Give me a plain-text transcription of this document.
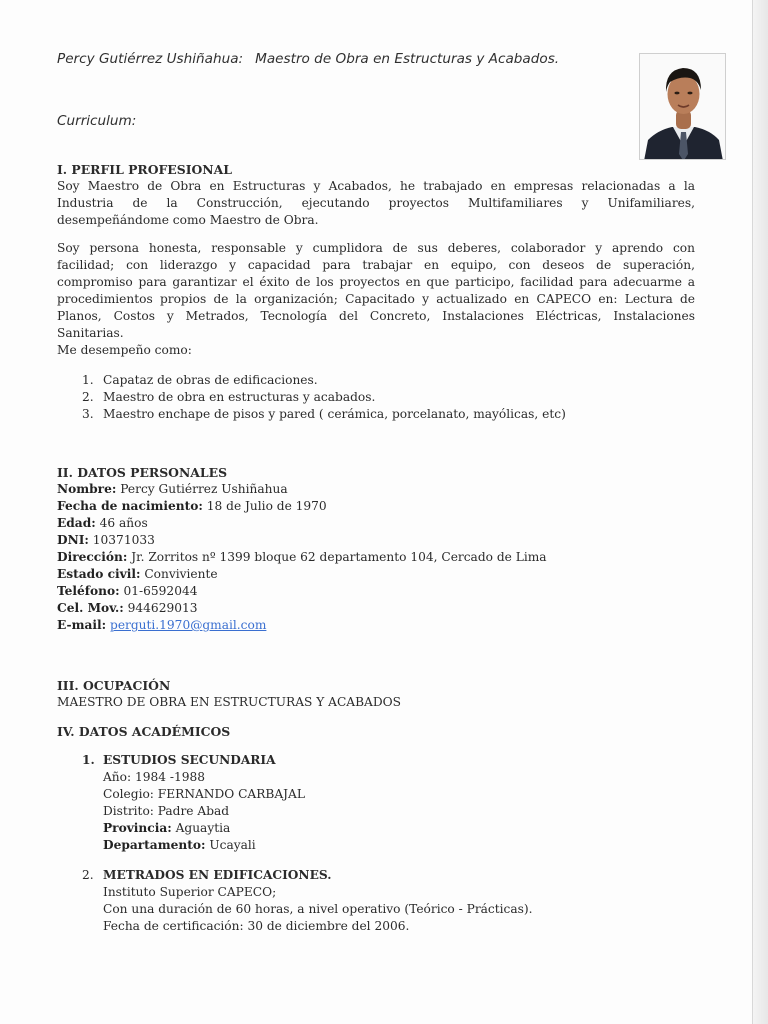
Percy Gutiérrez Ushiñahua: Maestro de Obra en Estructuras y Acabados.
Curriculum:
I. PERFIL PROFESIONAL
Soy Maestro de Obra en Estructuras y Acabados, he trabajado en empresas relacionadas a la
Industria de la Construcción, ejecutando proyectos Multifamiliares y Unifamiliares,
desempeñándome como Maestro de Obra.
Soy persona honesta, responsable y cumplidora de sus deberes, colaborador y aprendo con
facilidad; con liderazgo y capacidad para trabajar en equipo, con deseos de superación,
compromiso para garantizar el éxito de los proyectos en que participo, facilidad para adecuarme a
procedimientos propios de la organización; Capacitado y actualizado en CAPECO en: Lectura de
Planos, Costos y Metrados, Tecnología del Concreto, Instalaciones Eléctricas, Instalaciones
Sanitarias.
Me desempeño como:
1. Capataz de obras de edificaciones.
2. Maestro de obra en estructuras y acabados.
3. Maestro enchape de pisos y pared ( cerámica, porcelanato, mayólicas, etc)
II. DATOS PERSONALES
Nombre: Percy Gutiérrez Ushiñahua
Fecha de nacimiento: 18 de Julio de 1970
Edad: 46 años
DNI: 10371033
Dirección: Jr. Zorritos nº 1399 bloque 62 departamento 104, Cercado de Lima
Estado civil: Conviviente
Teléfono: 01-6592044
Cel. Mov.: 944629013
E-mail: perguti.1970@gmail.com
III. OCUPACIÓN
MAESTRO DE OBRA EN ESTRUCTURAS Y ACABADOS
IV. DATOS ACADÉMICOS
1. ESTUDIOS SECUNDARIA
Año: 1984 -1988
Colegio: FERNANDO CARBAJAL
Distrito: Padre Abad
Provincia: Aguaytia
Departamento: Ucayali
2. METRADOS EN EDIFICACIONES.
Instituto Superior CAPECO;
Con una duración de 60 horas, a nivel operativo (Teórico - Prácticas).
Fecha de certificación: 30 de diciembre del 2006.
